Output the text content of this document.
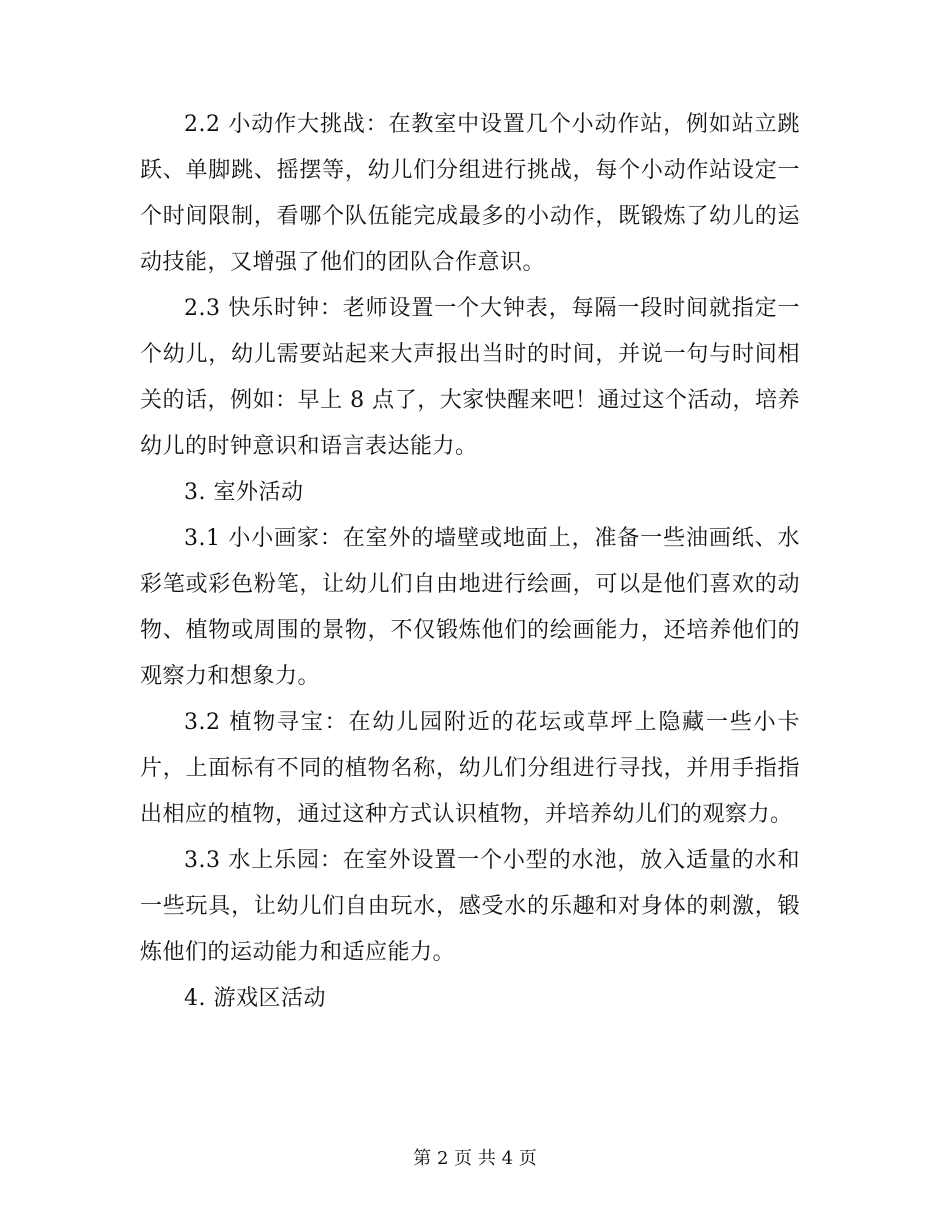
2.2 小动作大挑战：在教室中设置几个小动作站，例如站立跳跃、单脚跳、摇摆等，幼儿们分组进行挑战，每个小动作站设定一个时间限制，看哪个队伍能完成最多的小动作，既锻炼了幼儿的运动技能，又增强了他们的团队合作意识。

2.3 快乐时钟：老师设置一个大钟表，每隔一段时间就指定一个幼儿，幼儿需要站起来大声报出当时的时间，并说一句与时间相关的话，例如：早上 8 点了，大家快醒来吧！通过这个活动，培养幼儿的时钟意识和语言表达能力。

3. 室外活动

3.1 小小画家：在室外的墙壁或地面上，准备一些油画纸、水彩笔或彩色粉笔，让幼儿们自由地进行绘画，可以是他们喜欢的动物、植物或周围的景物，不仅锻炼他们的绘画能力，还培养他们的观察力和想象力。

3.2 植物寻宝：在幼儿园附近的花坛或草坪上隐藏一些小卡片，上面标有不同的植物名称，幼儿们分组进行寻找，并用手指指出相应的植物，通过这种方式认识植物，并培养幼儿们的观察力。

3.3 水上乐园：在室外设置一个小型的水池，放入适量的水和一些玩具，让幼儿们自由玩水，感受水的乐趣和对身体的刺激，锻炼他们的运动能力和适应能力。

4. 游戏区活动

第 2 页 共 4 页
